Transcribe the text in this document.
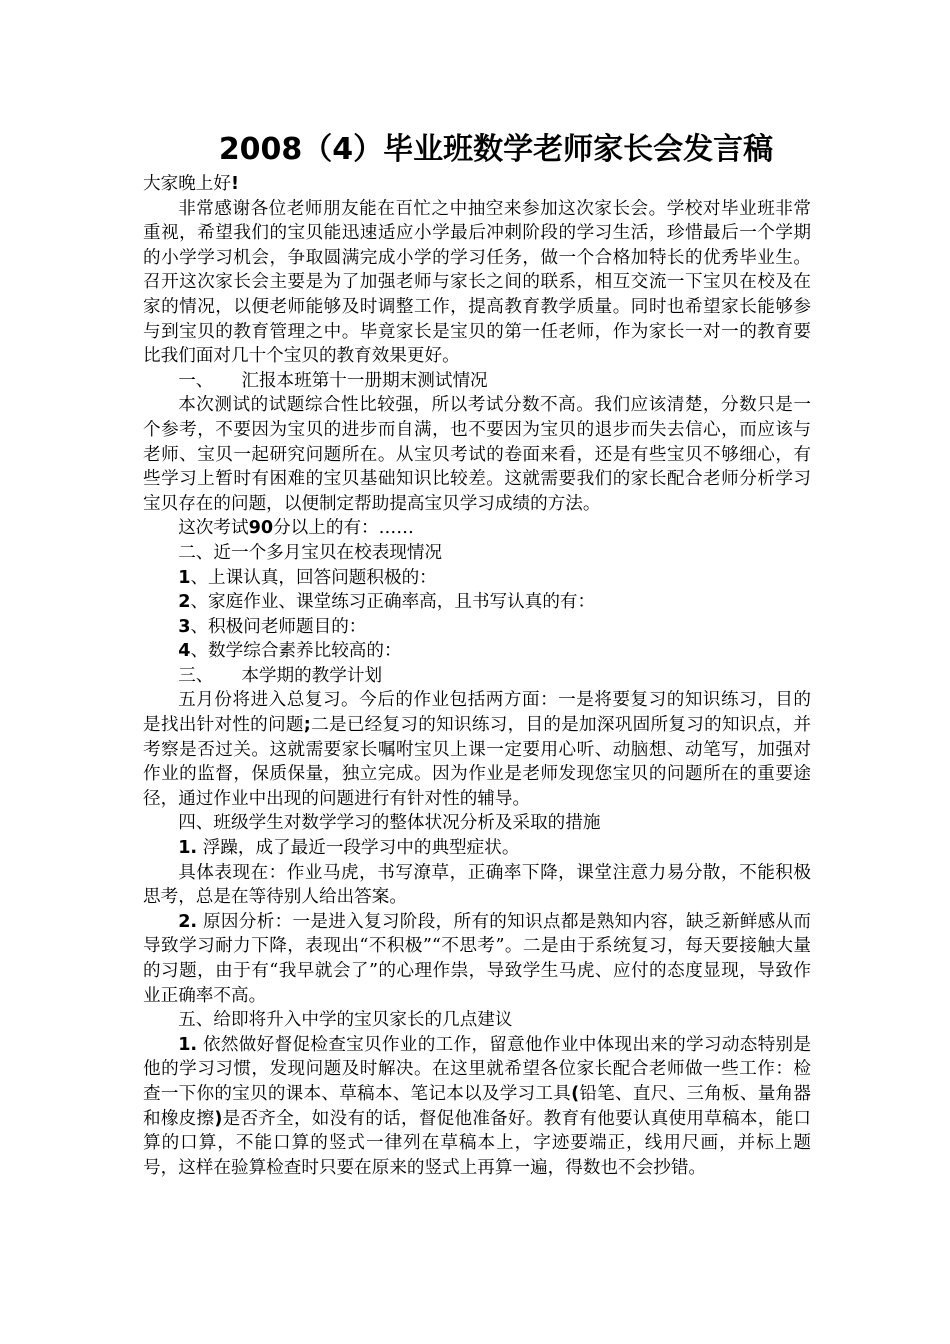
2008（4）毕业班数学老师家长会发言稿

大家晚上好!

非常感谢各位老师朋友能在百忙之中抽空来参加这次家长会。学校对毕业班非常重视，希望我们的宝贝能迅速适应小学最后冲刺阶段的学习生活，珍惜最后一个学期的小学学习机会，争取圆满完成小学的学习任务，做一个合格加特长的优秀毕业生。召开这次家长会主要是为了加强老师与家长之间的联系，相互交流一下宝贝在校及在家的情况，以便老师能够及时调整工作，提高教育教学质量。同时也希望家长能够参与到宝贝的教育管理之中。毕竟家长是宝贝的第一任老师，作为家长一对一的教育要比我们面对几十个宝贝的教育效果更好。

一、     汇报本班第十一册期末测试情况

本次测试的试题综合性比较强，所以考试分数不高。我们应该清楚，分数只是一个参考，不要因为宝贝的进步而自满，也不要因为宝贝的退步而失去信心，而应该与老师、宝贝一起研究问题所在。从宝贝考试的卷面来看，还是有些宝贝不够细心，有些学习上暂时有困难的宝贝基础知识比较差。这就需要我们的家长配合老师分析学习宝贝存在的问题，以便制定帮助提高宝贝学习成绩的方法。

这次考试90分以上的有：……

二、近一个多月宝贝在校表现情况

1、上课认真，回答问题积极的：

2、家庭作业、课堂练习正确率高，且书写认真的有：

3、积极问老师题目的：

4、数学综合素养比较高的：

三、     本学期的教学计划

五月份将进入总复习。今后的作业包括两方面：一是将要复习的知识练习，目的是找出针对性的问题;二是已经复习的知识练习，目的是加深巩固所复习的知识点，并考察是否过关。这就需要家长嘱咐宝贝上课一定要用心听、动脑想、动笔写，加强对作业的监督，保质保量，独立完成。因为作业是老师发现您宝贝的问题所在的重要途径，通过作业中出现的问题进行有针对性的辅导。

四、班级学生对数学学习的整体状况分析及采取的措施

1. 浮躁，成了最近一段学习中的典型症状。

具体表现在：作业马虎，书写潦草，正确率下降，课堂注意力易分散，不能积极思考，总是在等待别人给出答案。

2. 原因分析：一是进入复习阶段，所有的知识点都是熟知内容，缺乏新鲜感从而导致学习耐力下降，表现出“不积极”“不思考”。二是由于系统复习，每天要接触大量的习题，由于有“我早就会了”的心理作祟，导致学生马虎、应付的态度显现，导致作业正确率不高。

五、给即将升入中学的宝贝家长的几点建议

1. 依然做好督促检查宝贝作业的工作，留意他作业中体现出来的学习动态特别是他的学习习惯，发现问题及时解决。在这里就希望各位家长配合老师做一些工作：检查一下你的宝贝的课本、草稿本、笔记本以及学习工具(铅笔、直尺、三角板、量角器和橡皮擦)是否齐全，如没有的话，督促他准备好。教育有他要认真使用草稿本，能口算的口算，不能口算的竖式一律列在草稿本上，字迹要端正，线用尺画，并标上题号，这样在验算检查时只要在原来的竖式上再算一遍，得数也不会抄错。
